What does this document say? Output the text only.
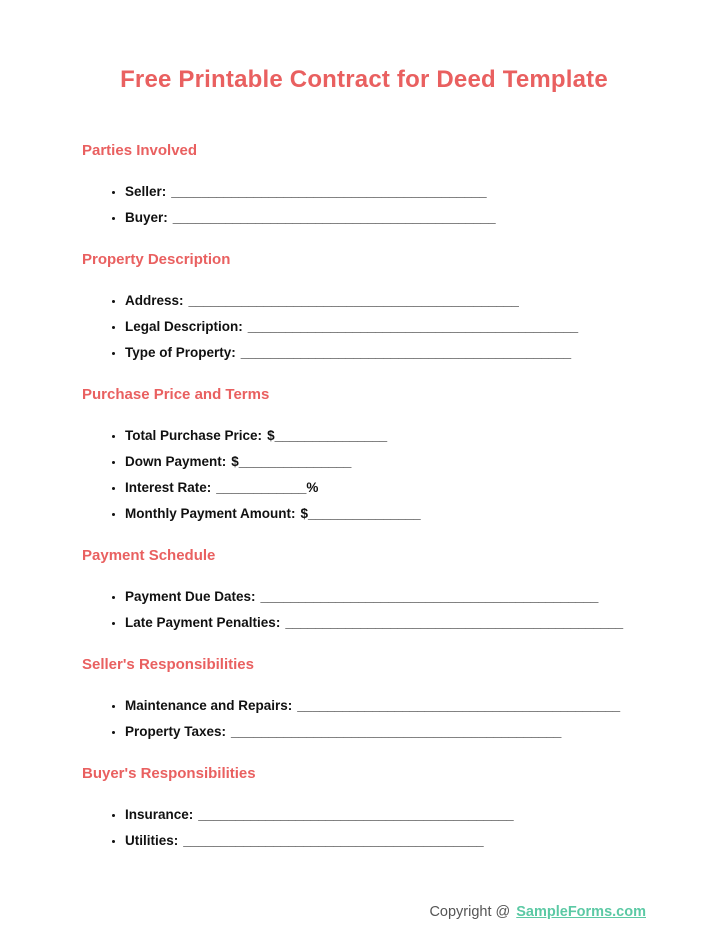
Free Printable Contract for Deed Template
Parties Involved
• Seller: __________________________________________
• Buyer: ___________________________________________
Property Description
• Address: ____________________________________________
• Legal Description: ____________________________________________
• Type of Property: ____________________________________________
Purchase Price and Terms
• Total Purchase Price: $_______________
• Down Payment: $_______________
• Interest Rate: ____________%
• Monthly Payment Amount: $_______________
Payment Schedule
• Payment Due Dates: _____________________________________________
• Late Payment Penalties: _____________________________________________
Seller's Responsibilities
• Maintenance and Repairs: ___________________________________________
• Property Taxes: ____________________________________________
Buyer's Responsibilities
• Insurance: __________________________________________
• Utilities: ________________________________________
Copyright @ SampleForms.com
